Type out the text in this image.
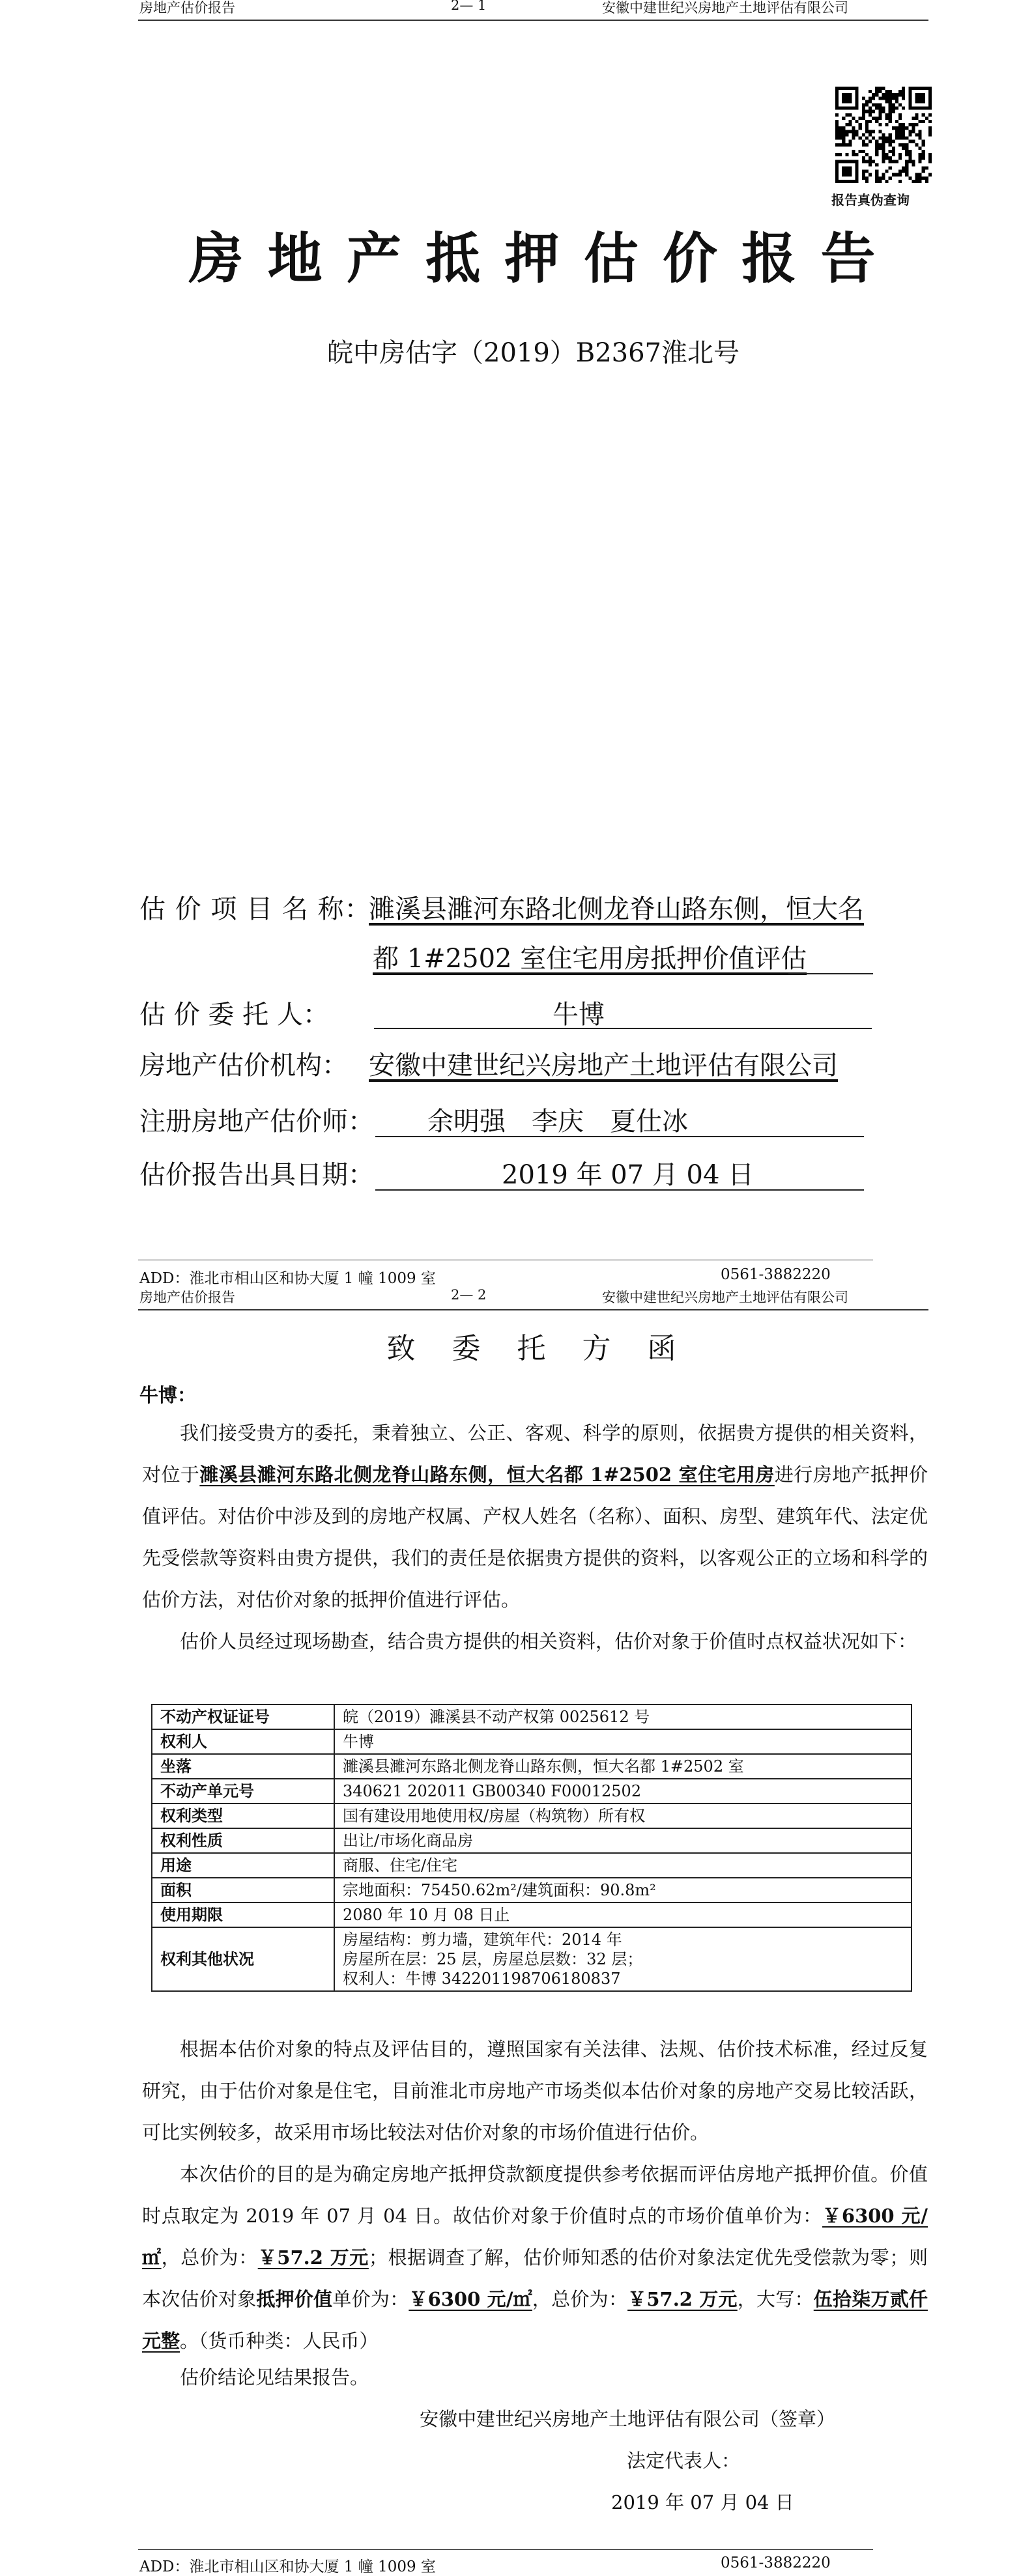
房地产估价报告	2— 1	安徽中建世纪兴房地产土地评估有限公司
报告真伪查询
房 地 产 抵 押 估 价 报 告
皖中房估字（2019）B2367淮北号
估 价 项 目 名 称：
濉溪县濉河东路北侧龙脊山路东侧，恒大名
都 1#2502 室住宅用房抵押价值评估
估 价 委 托 人：	牛博
房地产估价机构： 安徽中建世纪兴房地产土地评估有限公司
注册房地产估价师： 余明强　李庆　夏仕冰
估价报告出具日期：	2019 年 07 月 04 日
ADD：淮北市相山区和协大厦 1 幢 1009 室	0561-3882220
房地产估价报告	2— 2	安徽中建世纪兴房地产土地评估有限公司
致　委　托　方　函
牛博：
我们接受贵方的委托，秉着独立、公正、客观、科学的原则，依据贵方提供的相关资料，对位于濉溪县濉河东路北侧龙脊山路东侧，恒大名都 1#2502 室住宅用房进行房地产抵押价值评估。对估价中涉及到的房地产权属、产权人姓名（名称）、面积、房型、建筑年代、法定优先受偿款等资料由贵方提供，我们的责任是依据贵方提供的资料，以客观公正的立场和科学的估价方法，对估价对象的抵押价值进行评估。
估价人员经过现场勘查，结合贵方提供的相关资料，估价对象于价值时点权益状况如下：
不动产权证证号	皖（2019）濉溪县不动产权第 0025612 号
权利人	牛博
坐落	濉溪县濉河东路北侧龙脊山路东侧，恒大名都 1#2502 室
不动产单元号	340621 202011 GB00340 F00012502
权利类型	国有建设用地使用权/房屋（构筑物）所有权
权利性质	出让/市场化商品房
用途	商服、住宅/住宅
面积	宗地面积：75450.62m²/建筑面积：90.8m²
使用期限	2080 年 10 月 08 日止
权利其他状况	房屋结构：剪力墙，建筑年代：2014 年
房屋所在层：25 层，房屋总层数：32 层；
权利人：牛博 342201198706180837
根据本估价对象的特点及评估目的，遵照国家有关法律、法规、估价技术标准，经过反复研究，由于估价对象是住宅，目前淮北市房地产市场类似本估价对象的房地产交易比较活跃，可比实例较多，故采用市场比较法对估价对象的市场价值进行估价。
本次估价的目的是为确定房地产抵押贷款额度提供参考依据而评估房地产抵押价值。价值时点取定为 2019 年 07 月 04 日。故估价对象于价值时点的市场价值单价为：￥6300 元/㎡，总价为：￥57.2 万元；根据调查了解，估价师知悉的估价对象法定优先受偿款为零；则本次估价对象抵押价值单价为：￥6300 元/㎡，总价为：￥57.2 万元，大写：伍拾柒万贰仟元整。（货币种类：人民币）
估价结论见结果报告。
安徽中建世纪兴房地产土地评估有限公司（签章）
法定代表人：
2019 年 07 月 04 日
ADD：淮北市相山区和协大厦 1 幢 1009 室	0561-3882220
